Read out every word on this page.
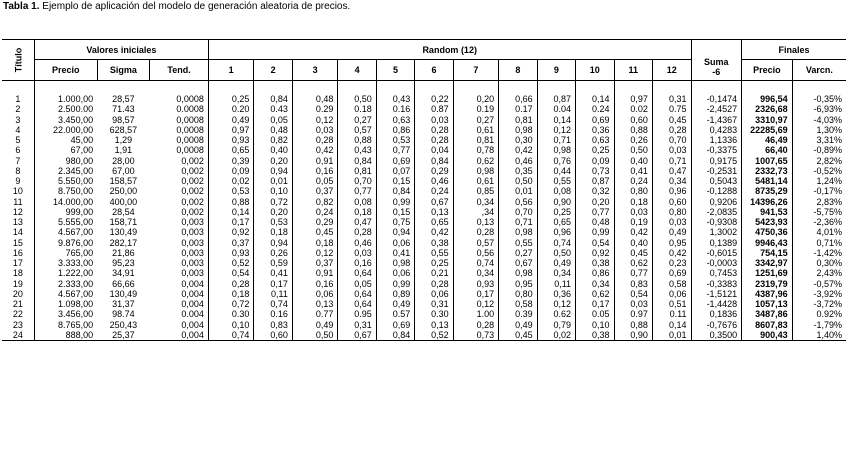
Tabla 1. Ejemplo de aplicación del modelo de generación aleatoria de precios.
Título	Valores iniciales			Random (12)												Suma
-6	Finales	
	Precio	Sigma	Tend.	1	2	3	4	5	6	7	8	9	10	11	12		Precio	Varcn.

1	1.000,00	28,57	0,0008	0,25	0,84	0,48	0,50	0,43	0,22	0,20	0,66	0,87	0,14	0,97	0,31	-0,1474	996,54	-0,35%
2	2.500.00	71.43	0.0008	0.20	0.43	0.29	0.18	0.16	0.87	0.19	0.17	0.04	0.24	0.02	0.75	-2,4527	2326,68	-6,93%
3	3.450,00	98,57	0,0008	0,49	0,05	0,12	0,27	0,63	0,03	0,27	0,81	0,14	0,69	0,60	0,45	-1,4367	3310,97	-4,03%
4	22.000,00	628,57	0,0008	0,97	0,48	0,03	0,57	0,86	0,28	0,61	0,98	0,12	0,36	0,88	0,28	0,4283	22285,69	1,30%
5	45,00	1,29	0,0008	0,93	0,82	0,28	0,88	0,53	0,28	0,81	0,30	0,71	0,63	0,26	0,70	1,1336	46,49	3,31%
6	67,00	1,91	0,0008	0,65	0,40	0,42	0,43	0,77	0,04	0,78	0,42	0,98	0,25	0,50	0,03	-0,3375	66,40	-0,89%
7	980,00	28,00	0,002	0,39	0,20	0,91	0,84	0,69	0,84	0,62	0,46	0,76	0,09	0,40	0,71	0,9175	1007,65	2,82%
8	2.345,00	67,00	0,002	0,09	0,94	0,16	0,81	0,07	0,29	0,98	0,35	0,44	0,73	0,41	0,47	-0,2531	2332,73	-0,52%
9	5.550,00	158,57	0,002	0,02	0,01	0,05	0,70	0,15	0,46	0,61	0,50	0,55	0,87	0,24	0,34	0,5043	5481,14	1,24%
10	8.750,00	250,00	0,002	0,53	0,10	0,37	0,77	0,84	0,24	0,85	0,01	0,08	0,32	0,80	0,96	-0,1288	8735,29	-0,17%
11	14.000,00	400,00	0,002	0,88	0,72	0,82	0,08	0,99	0,67	0,34	0,56	0,90	0,20	0,18	0,60	0,9206	14396,26	2,83%
12	999,00	28,54	0,002	0,14	0,20	0,24	0,18	0,15	0,13	,34	0,70	0,25	0,77	0,03	0,80	-2,0835	941,53	-5,75%
13	5.555,00	158,71	0,003	0,17	0,53	0,29	0,47	0,75	0,65	0,13	0,71	0,65	0,48	0,19	0,03	-0,9308	5423,93	-2,36%
14	4.567,00	130,49	0,003	0,92	0,18	0,45	0,28	0,94	0,42	0,28	0,98	0,96	0,99	0,42	0,49	1,3002	4750,36	4,01%
15	9.876,00	282,17	0,003	0,37	0,94	0,18	0,46	0,06	0,38	0,57	0,55	0,74	0,54	0,40	0,95	0,1389	9946,43	0,71%
16	765,00	21,86	0,003	0,93	0,26	0,12	0,03	0,41	0,55	0,56	0,27	0,50	0,92	0,45	0,42	-0,6015	754,15	-1,42%
17	3.333,00	95,23	0,003	0,52	0,59	0,37	0,16	0,98	0,25	0,74	0,67	0,49	0,38	0,62	0,23	-0,0003	3342,97	0,30%
18	1.222,00	34,91	0,003	0,54	0,41	0,91	0,64	0,06	0,21	0,34	0,98	0,34	0,86	0,77	0,69	0,7453	1251,69	2,43%
19	2.333,00	66,66	0,004	0,28	0,17	0,16	0,05	0,99	0,28	0,93	0,95	0,11	0,34	0,83	0,58	-0,3383	2319,79	-0,57%
20	4.567,00	130,49	0,004	0,18	0,11	0,06	0,64	0,89	0,06	0,17	0,80	0,36	0,62	0,54	0,06	-1,5121	4387,96	-3,92%
21	1.098,00	31,37	0,004	0,72	0,74	0,13	0,64	0,49	0,31	0,12	0,58	0,12	0,17	0,03	0,51	-1,4428	1057,13	-3,72%
22	3.456,00	98.74	0.004	0.30	0.16	0.77	0.95	0.57	0.30	1.00	0.39	0.62	0.05	0.97	0.11	0,1836	3487,86	0.92%
23	8.765,00	250,43	0,004	0,10	0,83	0,49	0,31	0,69	0,13	0,28	0,49	0,79	0,10	0,88	0,14	-0,7676	8607,83	-1,79%
24	888,00	25,37	0,004	0,74	0,60	0,50	0,67	0,84	0,52	0,73	0,45	0,02	0,38	0,90	0,01	0,3500	900,43	1,40%
